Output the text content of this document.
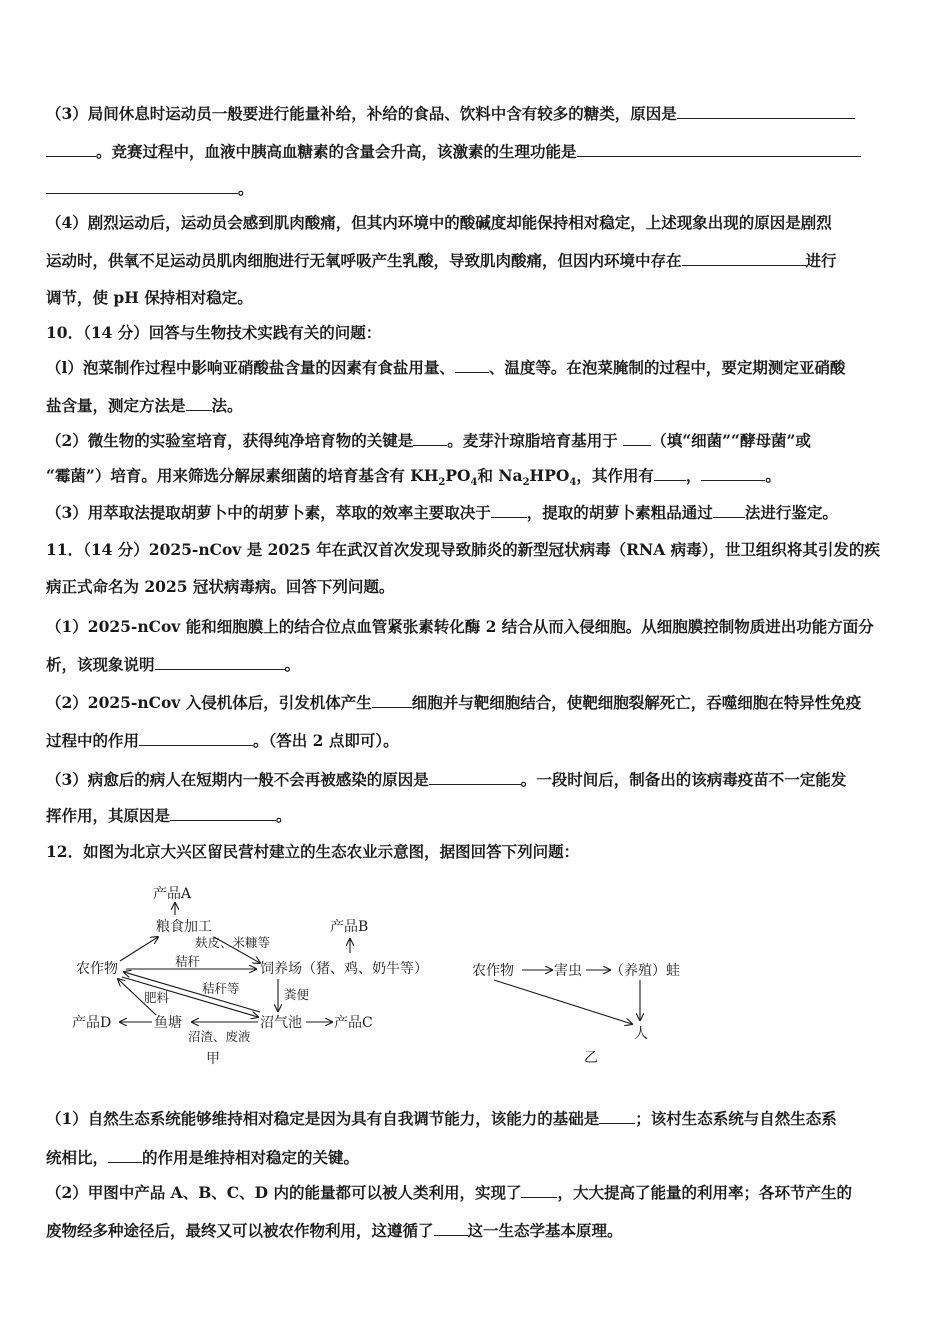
（3）局间休息时运动员一般要进行能量补给，补给的食品、饮料中含有较多的糖类，原因是
。竞赛过程中，血液中胰高血糖素的含量会升高，该激素的生理功能是
。
（4）剧烈运动后，运动员会感到肌肉酸痛，但其内环境中的酸碱度却能保持相对稳定，上述现象出现的原因是剧烈
运动时，供氧不足运动员肌肉细胞进行无氧呼吸产生乳酸，导致肌肉酸痛，但因内环境中存在	进行
调节，使 pH 保持相对稳定。
10．（14 分）回答与生物技术实践有关的问题：
（l）泡菜制作过程中影响亚硝酸盐含量的因素有食盐用量、 、温度等。在泡菜腌制的过程中，要定期测定亚硝酸
盐含量，测定方法是 法。
（2）微生物的实验室培育，获得纯净培育物的关键是 。麦芽汁琼脂培育基用于 （填“细菌”“酵母菌”或
“霉菌”）培育。用来筛选分解尿素细菌的培育基含有 $KH_2PO_4$和 $Na_2HPO_4$，其作用有 ，	。
（3）用萃取法提取胡萝卜中的胡萝卜素，萃取的效率主要取决于 ，提取的胡萝卜素粗品通过 法进行鉴定。
11．（14 分）2025-nCov 是 2025 年在武汉首次发现导致肺炎的新型冠状病毒（RNA 病毒），世卫组织将其引发的疾
病正式命名为 2025 冠状病毒病。回答下列问题。
（1）2025-nCov 能和细胞膜上的结合位点血管紧张素转化酶 2 结合从而入侵细胞。从细胞膜控制物质进出功能方面分
析，该现象说明	。
（2）2025-nCov 入侵机体后，引发机体产生	细胞并与靶细胞结合，使靶细胞裂解死亡，吞噬细胞在特异性免疫
过程中的作用	。（答出 2 点即可）。
（3）病愈后的病人在短期内一般不会再被感染的原因是	。一段时间后，制备出的该病毒疫苗不一定能发
挥作用，其原因是	。
12．如图为北京大兴区留民营村建立的生态农业示意图，据图回答下列问题：
产品A
粮食加工
麸皮、米糠等
产品B
农作物	秸秆	饲养场（猪、鸡、奶牛等）
肥料
秸秆等	粪便
产品D	鱼塘	沼气池 产品C
沼渣、废液
甲
农作物	害虫 （养殖）蛙
人
乙
（1）自然生态系统能够维持相对稳定是因为具有自我调节能力，该能力的基础是 ；该村生态系统与自然生态系
统相比， 的作用是维持相对稳定的关键。
（2）甲图中产品 A、B、C、D 内的能量都可以被人类利用，实现了 ，大大提高了能量的利用率；各环节产生的
废物经多种途径后，最终又可以被农作物利用，这遵循了 这一生态学基本原理。
